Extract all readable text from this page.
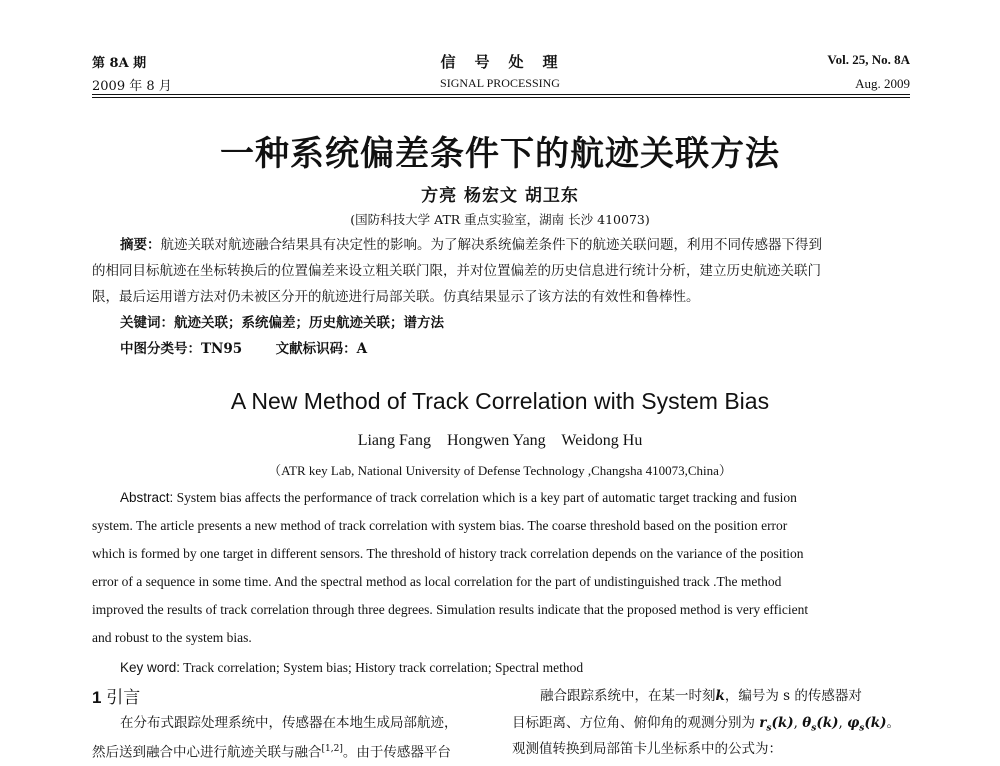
第 8A 期
2009 年 8 月
信　号　处　理
SIGNAL PROCESSING
Vol. 25, No. 8A
Aug. 2009
一种系统偏差条件下的航迹关联方法
方亮 杨宏文 胡卫东
(国防科技大学 ATR 重点实验室，湖南 长沙 410073)
摘要：航迹关联对航迹融合结果具有决定性的影响。为了解决系统偏差条件下的航迹关联问题，利用不同传感器下得到
的相同目标航迹在坐标转换后的位置偏差来设立粗关联门限，并对位置偏差的历史信息进行统计分析，建立历史航迹关联门
限，最后运用谱方法对仍未被区分开的航迹进行局部关联。仿真结果显示了该方法的有效性和鲁棒性。
关键词：航迹关联；系统偏差；历史航迹关联；谱方法
中图分类号：TN95 文献标识码：A
A New Method of Track Correlation with System Bias
Liang Fang    Hongwen Yang    Weidong Hu
（ATR key Lab, National University of Defense Technology ,Changsha 410073,China）
Abstract: System bias affects the performance of track correlation which is a key part of automatic target tracking and fusion
system. The article presents a new method of track correlation with system bias. The coarse threshold based on the position error
which is formed by one target in different sensors. The threshold of history track correlation depends on the variance of the position
error of a sequence in some time. And the spectral method as local correlation for the part of undistinguished track .The method
improved the results of track correlation through three degrees. Simulation results indicate that the proposed method is very efficient
and robust to the system bias.
Key word: Track correlation; System bias; History track correlation; Spectral method
1 引言
在分布式跟踪处理系统中，传感器在本地生成局部航迹，
然后送到融合中心进行航迹关联与融合[1,2]。由于传感器平台
融合跟踪系统中，在某一时刻k，编号为 s 的传感器对
目标距离、方位角、俯仰角的观测分别为 $r_s(k)$, $\theta_s(k)$, $\varphi_s(k)$。
观测值转换到局部笛卡儿坐标系中的公式为：
